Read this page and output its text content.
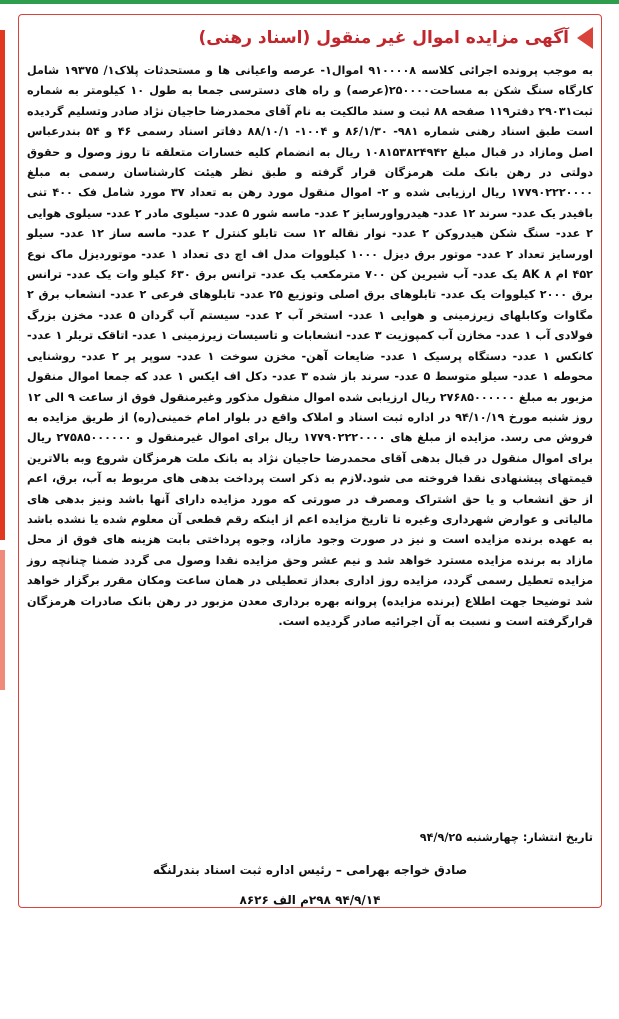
آگهی مزایده اموال غیر منقول (اسناد رهنی)
به موجب پرونده اجرائی کلاسه ۹۱۰۰۰۰۸ اموال۱- عرصه واعیانی ها و مستحدثات پلاک۱/ ۱۹۳۷۵ شامل کارگاه سنگ شکن به مساحت۲۵۰۰۰۰(عرصه) و راه های دسترسی جمعا به طول ۱۰ کیلومتر به شماره ثبت۲۹۰۳۱ دفتر۱۱۹ صفحه ۸۸ ثبت و سند مالکیت به نام آقای محمدرضا حاجیان نژاد صادر وتسلیم گردیده است طبق اسناد رهنی شماره ۹۸۱- ۸۶/۱/۳۰ و ۱۰۰۴- ۸۸/۱۰/۱ دفاتر اسناد رسمی ۴۶ و ۵۴ بندرعباس اصل ومازاد در قبال مبلغ ۱۰۸۱۵۳۸۲۴۹۴۲ ریال به انضمام کلیه خسارات متعلقه تا روز وصول و حقوق دولتی در رهن بانک ملت هرمزگان قرار گرفته و طبق نظر هیئت کارشناسان رسمی به مبلغ ۱۷۷۹۰۲۲۲۰۰۰۰ ریال ارزیابی شده و ۲- اموال منقول مورد رهن به تعداد ۳۷ مورد شامل فک ۴۰۰ تنی بافیدر یک عدد- سرند ۱۲ عدد- هیدرواورسایز ۲ عدد- ماسه شور ۵ عدد- سیلوی مادر ۲ عدد- سیلوی هوایی ۲ عدد- سنگ شکن هیدروکن ۲ عدد- نوار نقاله ۱۲ ست تابلو کنترل ۲ عدد- ماسه ساز ۱۲ عدد- سیلو اورسایز تعداد ۲ عدد- موتور برق دیزل ۱۰۰۰ کیلووات مدل اف اچ دی تعداد ۱ عدد- موتوردیزل ماک نوع ۴۵۲ ام AK ۸ یک عدد- آب شیرین کن ۷۰۰ مترمکعب یک عدد- ترانس برق ۶۳۰ کیلو وات یک عدد- ترانس برق ۲۰۰۰ کیلووات یک عدد- تابلوهای برق اصلی وتوزیع ۲۵ عدد- تابلوهای فرعی ۲ عدد- انشعاب برق ۲ مگاوات وکابلهای زیرزمینی و هوایی ۱ عدد- استخر آب ۲ عدد- سیستم آب گردان ۵ عدد- مخزن بزرگ فولادی آب ۱ عدد- مخازن آب کمپوزیت ۳ عدد- انشعابات و تاسیسات زیرزمینی ۱ عدد- اتاقک تریلر ۱ عدد- کانکس ۱ عدد- دستگاه پرسیک ۱ عدد- ضایعات آهن- مخزن سوخت ۱ عدد- سوپر پر ۲ عدد- روشنایی محوطه ۱ عدد- سیلو متوسط ۵ عدد- سرند باز شده ۳ عدد- دکل اف ایکس ۱ عدد که جمعا اموال منقول مزبور به مبلغ ۲۷۶۸۵۰۰۰۰۰۰ ریال ارزیابی شده اموال منقول مذکور وغیرمنقول فوق از ساعت ۹ الی ۱۲ روز شنبه مورخ ۹۴/۱۰/۱۹ در اداره ثبت اسناد و املاک واقع در بلوار امام خمینی(ره) از طریق مزایده به فروش می رسد. مزایده از مبلغ های ۱۷۷۹۰۲۲۲۰۰۰۰ ریال برای اموال غیرمنقول و ۲۷۵۸۵۰۰۰۰۰۰ ریال برای اموال منقول در قبال بدهی آقای محمدرضا حاجیان نژاد به بانک ملت هرمزگان شروع وبه بالاترین قیمتهای پیشنهادی نقدا فروخته می شود.لازم به ذکر است پرداخت بدهی های مربوط به آب، برق، اعم از حق انشعاب و یا حق اشتراک ومصرف در صورتی که مورد مزایده دارای آنها باشد ونیز بدهی های مالیاتی و عوارض شهرداری وغیره تا تاریخ مزایده اعم از اینکه رقم قطعی آن معلوم شده یا نشده باشد به عهده برنده مزایده است و نیز در صورت وجود مازاد، وجوه پرداختی بابت هزینه های فوق از محل مازاد به برنده مزایده مسترد خواهد شد و نیم عشر وحق مزایده نقدا وصول می گردد ضمنا چنانچه روز مزایده تعطیل رسمی گردد، مزایده روز اداری بعداز تعطیلی در همان ساعت ومکان مقرر برگزار خواهد شد توضیحا جهت اطلاع (برنده مزایده) پروانه بهره برداری معدن مزبور در رهن بانک صادرات هرمزگان قرارگرفته است و نسبت به آن اجرائیه صادر گردیده است.
تاریخ انتشار: چهارشنبه ۹۴/۹/۲۵
صادق خواجه بهرامی – رئیس اداره ثبت اسناد بندرلنگه
۹۴/۹/۱۴ ۲۹۸م الف ۸۶۲۶
